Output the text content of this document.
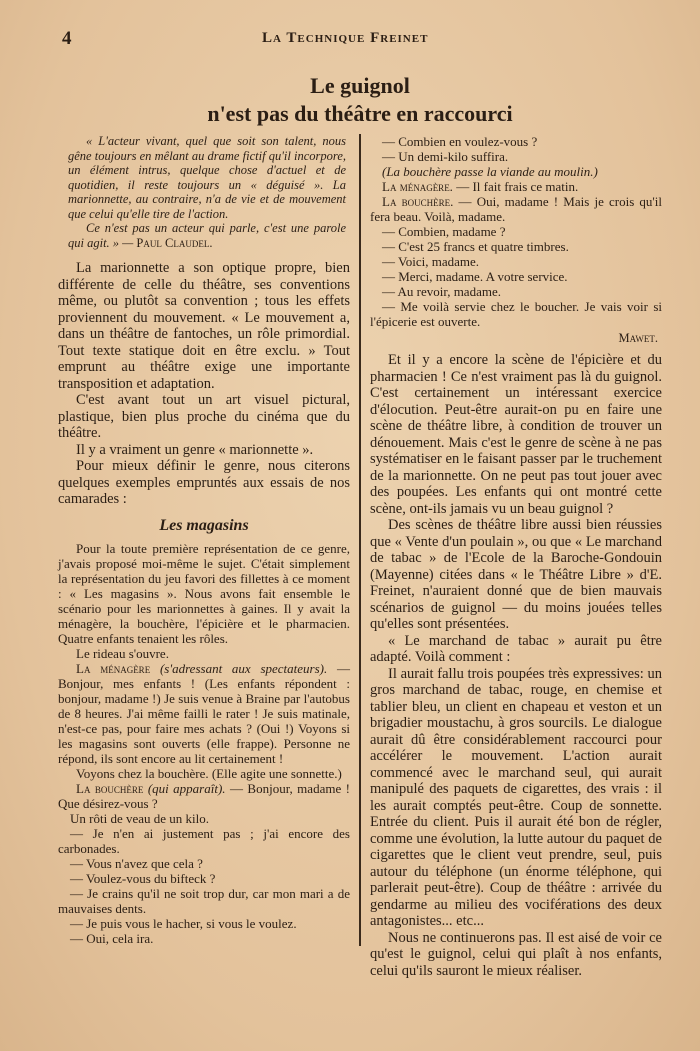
4	La Technique Freinet
Le guignol
n'est pas du théâtre en raccourci

« L'acteur vivant, quel que soit son talent, nous gêne toujours en mêlant au drame fictif qu'il incorpore, un élément intrus, quelque chose d'actuel et de quotidien, il reste toujours un « déguisé ». La marionnette, au contraire, n'a de vie et de mouvement que celui qu'elle tire de l'action.

Ce n'est pas un acteur qui parle, c'est une parole qui agit. » — Paul Claudel.

La marionnette a son optique propre, bien différente de celle du théâtre, ses conventions même, ou plutôt sa convention ; tous les effets proviennent du mouvement. « Le mouvement a, dans un théâtre de fantoches, un rôle primordial. Tout texte statique doit en être exclu. » Tout emprunt au théâtre exige une importante transposition et adaptation.

C'est avant tout un art visuel pictural, plastique, bien plus proche du cinéma que du théâtre.

Il y a vraiment un genre « marionnette ».

Pour mieux définir le genre, nous citerons quelques exemples empruntés aux essais de nos camarades :

Les magasins

Pour la toute première représentation de ce genre, j'avais proposé moi-même le sujet. C'était simplement la représentation du jeu favori des fillettes à ce moment : « Les magasins ». Nous avons fait ensemble le scénario pour les marionnettes à gaines. Il y avait la ménagère, la bouchère, l'épicière et le pharmacien. Quatre enfants tenaient les rôles.

Le rideau s'ouvre.

La ménagère (s'adressant aux spectateurs). — Bonjour, mes enfants ! (Les enfants répondent : bonjour, madame !) Je suis venue à Braine par l'autobus de 8 heures. J'ai même failli le rater ! Je suis matinale, n'est-ce pas, pour faire mes achats ? (Oui !) Voyons si les magasins sont ouverts (elle frappe). Personne ne répond, ils sont encore au lit certainement !

Voyons chez la bouchère. (Elle agite une sonnette.)

La bouchère (qui apparaît). — Bonjour, madame ! Que désirez-vous ?

Un rôti de veau de un kilo.

— Je n'en ai justement pas ; j'ai encore des carbonades.

— Vous n'avez que cela ?

— Voulez-vous du bifteck ?

— Je crains qu'il ne soit trop dur, car mon mari a de mauvaises dents.

— Je puis vous le hacher, si vous le voulez.

— Oui, cela ira.

— Combien en voulez-vous ?

— Un demi-kilo suffira.

(La bouchère passe la viande au moulin.)

La ménagère. — Il fait frais ce matin.

La bouchère. — Oui, madame ! Mais je crois qu'il fera beau. Voilà, madame.

— Combien, madame ?

— C'est 25 francs et quatre timbres.

— Voici, madame.

— Merci, madame. A votre service.

— Au revoir, madame.

— Me voilà servie chez le boucher. Je vais voir si l'épicerie est ouverte.

Mawet.

Et il y a encore la scène de l'épicière et du pharmacien ! Ce n'est vraiment pas là du guignol. C'est certainement un intéressant exercice d'élocution. Peut-être aurait-on pu en faire une scène de théâtre libre, à condition de trouver un dénouement. Mais c'est le genre de scène à ne pas systématiser en le faisant passer par le truchement de la marionnette. On ne peut pas tout jouer avec des poupées. Les enfants qui ont montré cette scène, ont-ils jamais vu un beau guignol ?

Des scènes de théâtre libre aussi bien réussies que « Vente d'un poulain », ou que « Le marchand de tabac » de l'Ecole de la Baroche-Gondouin (Mayenne) citées dans « le Théâtre Libre » d'E. Freinet, n'auraient donné que de bien mauvais scénarios de guignol — du moins jouées telles qu'elles sont présentées.

« Le marchand de tabac » aurait pu être adapté. Voilà comment :

Il aurait fallu trois poupées très expressives: un gros marchand de tabac, rouge, en chemise et tablier bleu, un client en chapeau et veston et un brigadier moustachu, à gros sourcils. Le dialogue aurait dû être considérablement raccourci pour accélérer le mouvement. L'action aurait commencé avec le marchand seul, qui aurait manipulé des paquets de cigarettes, des vrais : il les aurait comptés peut-être. Coup de sonnette. Entrée du client. Puis il aurait été bon de régler, comme une évolution, la lutte autour du paquet de cigarettes que le client veut prendre, seul, puis autour du téléphone (un énorme téléphone, qui parlerait peut-être). Coup de théâtre : arrivée du gendarme au milieu des vociférations des deux antagonistes... etc...

Nous ne continuerons pas. Il est aisé de voir ce qu'est le guignol, celui qui plaît à nos enfants, celui qu'ils sauront le mieux réaliser.
